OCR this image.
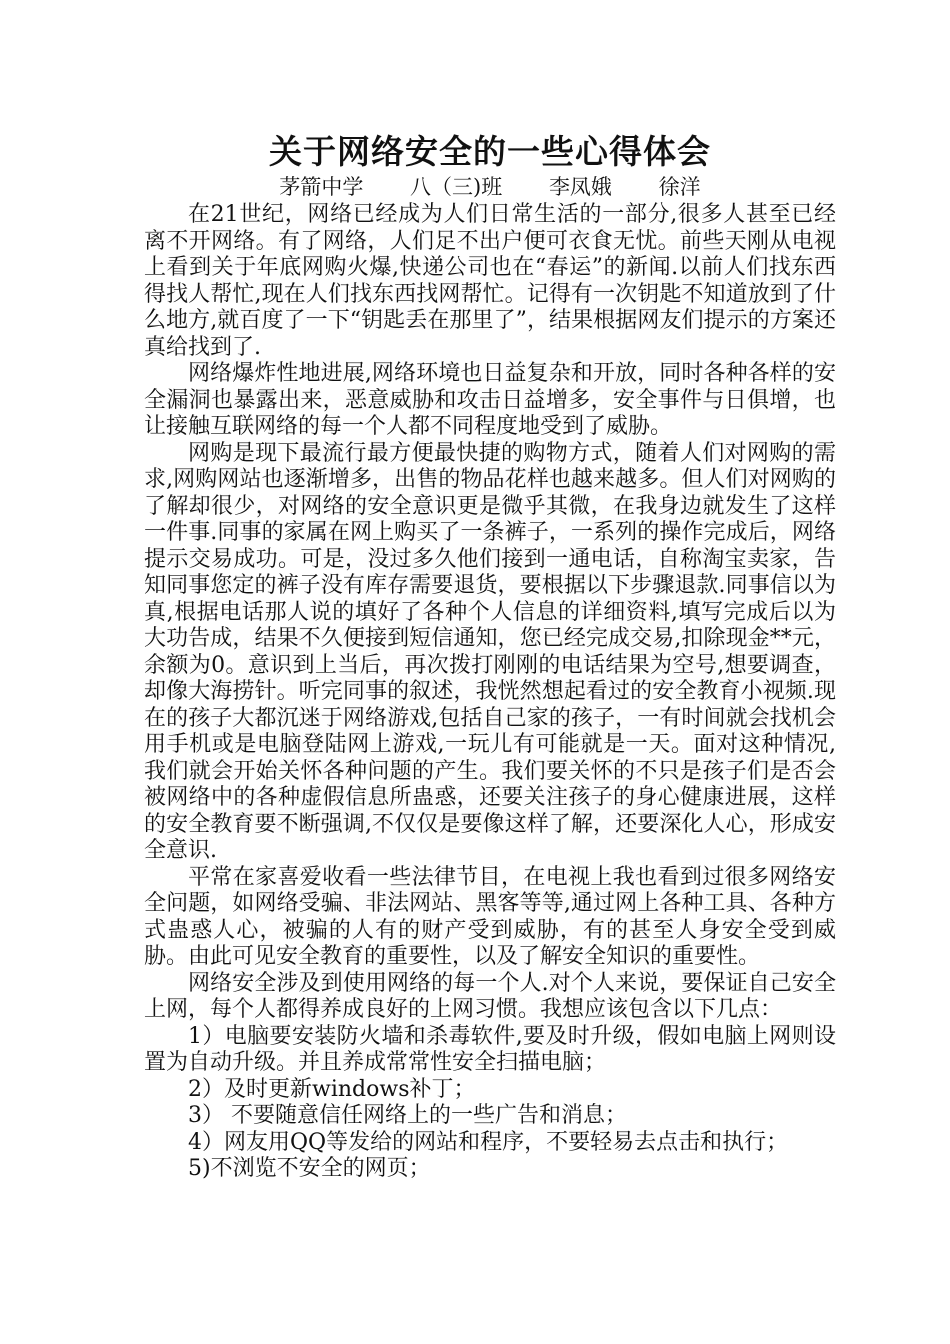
关于网络安全的一些心得体会
茅箭中学 八（三)班 李凤娥 徐洋

在21世纪，网络已经成为人们日常生活的一部分,很多人甚至已经离不开网络。有了网络，人们足不出户便可衣食无忧。前些天刚从电视上看到关于年底网购火爆,快递公司也在“春运”的新闻.以前人们找东西得找人帮忙,现在人们找东西找网帮忙。记得有一次钥匙不知道放到了什么地方,就百度了一下“钥匙丢在那里了”，结果根据网友们提示的方案还真给找到了.

网络爆炸性地进展,网络环境也日益复杂和开放，同时各种各样的安全漏洞也暴露出来，恶意威胁和攻击日益增多，安全事件与日俱增，也让接触互联网络的每一个人都不同程度地受到了威胁。

网购是现下最流行最方便最快捷的购物方式，随着人们对网购的需求,网购网站也逐渐增多，出售的物品花样也越来越多。但人们对网购的了解却很少，对网络的安全意识更是微乎其微，在我身边就发生了这样一件事.同事的家属在网上购买了一条裤子，一系列的操作完成后，网络提示交易成功。可是，没过多久他们接到一通电话，自称淘宝卖家，告知同事您定的裤子没有库存需要退货，要根据以下步骤退款.同事信以为真,根据电话那人说的填好了各种个人信息的详细资料,填写完成后以为大功告成，结果不久便接到短信通知，您已经完成交易,扣除现金**元，余额为0。意识到上当后，再次拨打刚刚的电话结果为空号,想要调查，却像大海捞针。听完同事的叙述，我恍然想起看过的安全教育小视频.现在的孩子大都沉迷于网络游戏,包括自己家的孩子，一有时间就会找机会用手机或是电脑登陆网上游戏,一玩儿有可能就是一天。面对这种情况,我们就会开始关怀各种问题的产生。我们要关怀的不只是孩子们是否会被网络中的各种虚假信息所蛊惑，还要关注孩子的身心健康进展，这样的安全教育要不断强调,不仅仅是要像这样了解，还要深化人心，形成安全意识.

平常在家喜爱收看一些法律节目，在电视上我也看到过很多网络安全问题，如网络受骗、非法网站、黑客等等,通过网上各种工具、各种方式蛊惑人心，被骗的人有的财产受到威胁，有的甚至人身安全受到威胁。由此可见安全教育的重要性，以及了解安全知识的重要性。

网络安全涉及到使用网络的每一个人.对个人来说，要保证自己安全上网，每个人都得养成良好的上网习惯。我想应该包含以下几点：

1）电脑要安装防火墙和杀毒软件,要及时升级，假如电脑上网则设置为自动升级。并且养成常常性安全扫描电脑；

2）及时更新windows补丁；

3） 不要随意信任网络上的一些广告和消息；

4）网友用QQ等发给的网站和程序，不要轻易去点击和执行；

5)不浏览不安全的网页；
